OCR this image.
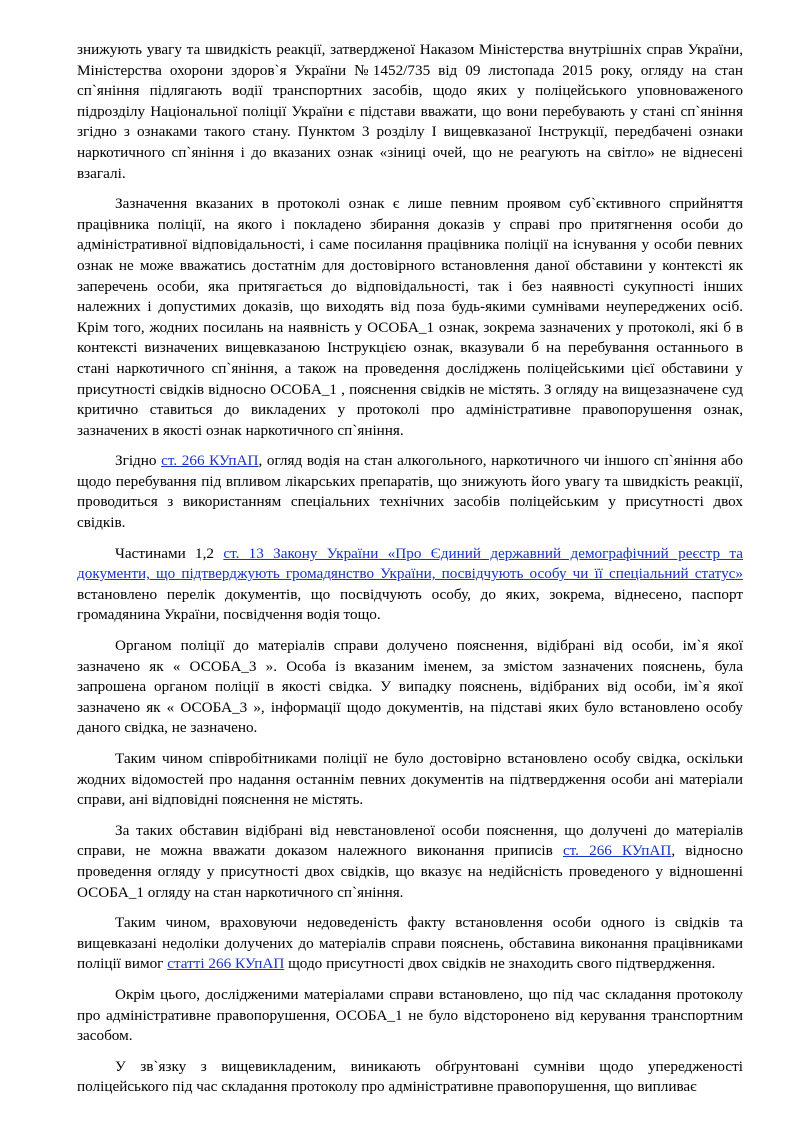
знижують увагу та швидкість реакції, затвердженої Наказом Міністерства внутрішніх справ України, Міністерства охорони здоров`я України №1452/735 від 09 листопада 2015 року, огляду на стан сп`яніння підлягають водії транспортних засобів, щодо яких у поліцейського уповноваженого підрозділу Національної поліції України є підстави вважати, що вони перебувають у стані сп`яніння згідно з ознаками такого стану. Пунктом 3 розділу І вищевказаної Інструкції, передбачені ознаки наркотичного сп`яніння і до вказаних ознак «зіниці очей, що не реагують на світло» не віднесені взагалі.

Зазначення вказаних в протоколі ознак є лише певним проявом суб`єктивного сприйняття працівника поліції, на якого і покладено збирання доказів у справі про притягнення особи до адміністративної відповідальності, і саме посилання працівника поліції на існування у особи певних ознак не може вважатись достатнім для достовірного встановлення даної обставини у контексті як заперечень особи, яка притягається до відповідальності, так і без наявності сукупності інших належних і допустимих доказів, що виходять від поза будь-якими сумнівами неупереджених осіб. Крім того, жодних посилань на наявність у ОСОБА_1 ознак, зокрема зазначених у протоколі, які б в контексті визначених вищевказаною Інструкцією ознак, вказували б на перебування останнього в стані наркотичного сп`яніння, а також на проведення досліджень поліцейськими цієї обставини у присутності свідків відносно ОСОБА_1 , пояснення свідків не містять. З огляду на вищезазначене суд критично ставиться до викладених у протоколі про адміністративне правопорушення ознак, зазначених в якості ознак наркотичного сп`яніння.

Згідно ст. 266 КУпАП, огляд водія на стан алкогольного, наркотичного чи іншого сп`яніння або щодо перебування під впливом лікарських препаратів, що знижують його увагу та швидкість реакції, проводиться з використанням спеціальних технічних засобів поліцейським у присутності двох свідків.

Частинами 1,2 ст. 13 Закону України «Про Єдиний державний демографічний реєстр та документи, що підтверджують громадянство України, посвідчують особу чи її спеціальний статус» встановлено перелік документів, що посвідчують особу, до яких, зокрема, віднесено, паспорт громадянина України, посвідчення водія тощо.

Органом поліції до матеріалів справи долучено пояснення, відібрані від особи, ім`я якої зазначено як « ОСОБА_3 ». Особа із вказаним іменем, за змістом зазначених пояснень, була запрошена органом поліції в якості свідка. У випадку пояснень, відібраних від особи, ім`я якої зазначено як « ОСОБА_3 », інформації щодо документів, на підставі яких було встановлено особу даного свідка, не зазначено.

Таким чином співробітниками поліції не було достовірно встановлено особу свідка, оскільки жодних відомостей про надання останнім певних документів на підтвердження особи ані матеріали справи, ані відповідні пояснення не містять.

За таких обставин відібрані від невстановленої особи пояснення, що долучені до матеріалів справи, не можна вважати доказом належного виконання приписів ст. 266 КУпАП, відносно проведення огляду у присутності двох свідків, що вказує на недійсність проведеного у відношенні ОСОБА_1 огляду на стан наркотичного сп`яніння.

Таким чином, враховуючи недоведеність факту встановлення особи одного із свідків та вищевказані недоліки долучених до матеріалів справи пояснень, обставина виконання працівниками поліції вимог статті 266 КУпАП щодо присутності двох свідків не знаходить свого підтвердження.

Окрім цього, дослідженими матеріалами справи встановлено, що під час складання протоколу про адміністративне правопорушення, ОСОБА_1 не було відсторонено від керування транспортним засобом.

У зв`язку з вищевикладеним, виникають обґрунтовані сумніви щодо упередженості поліцейського під час складання протоколу про адміністративне правопорушення, що випливає
